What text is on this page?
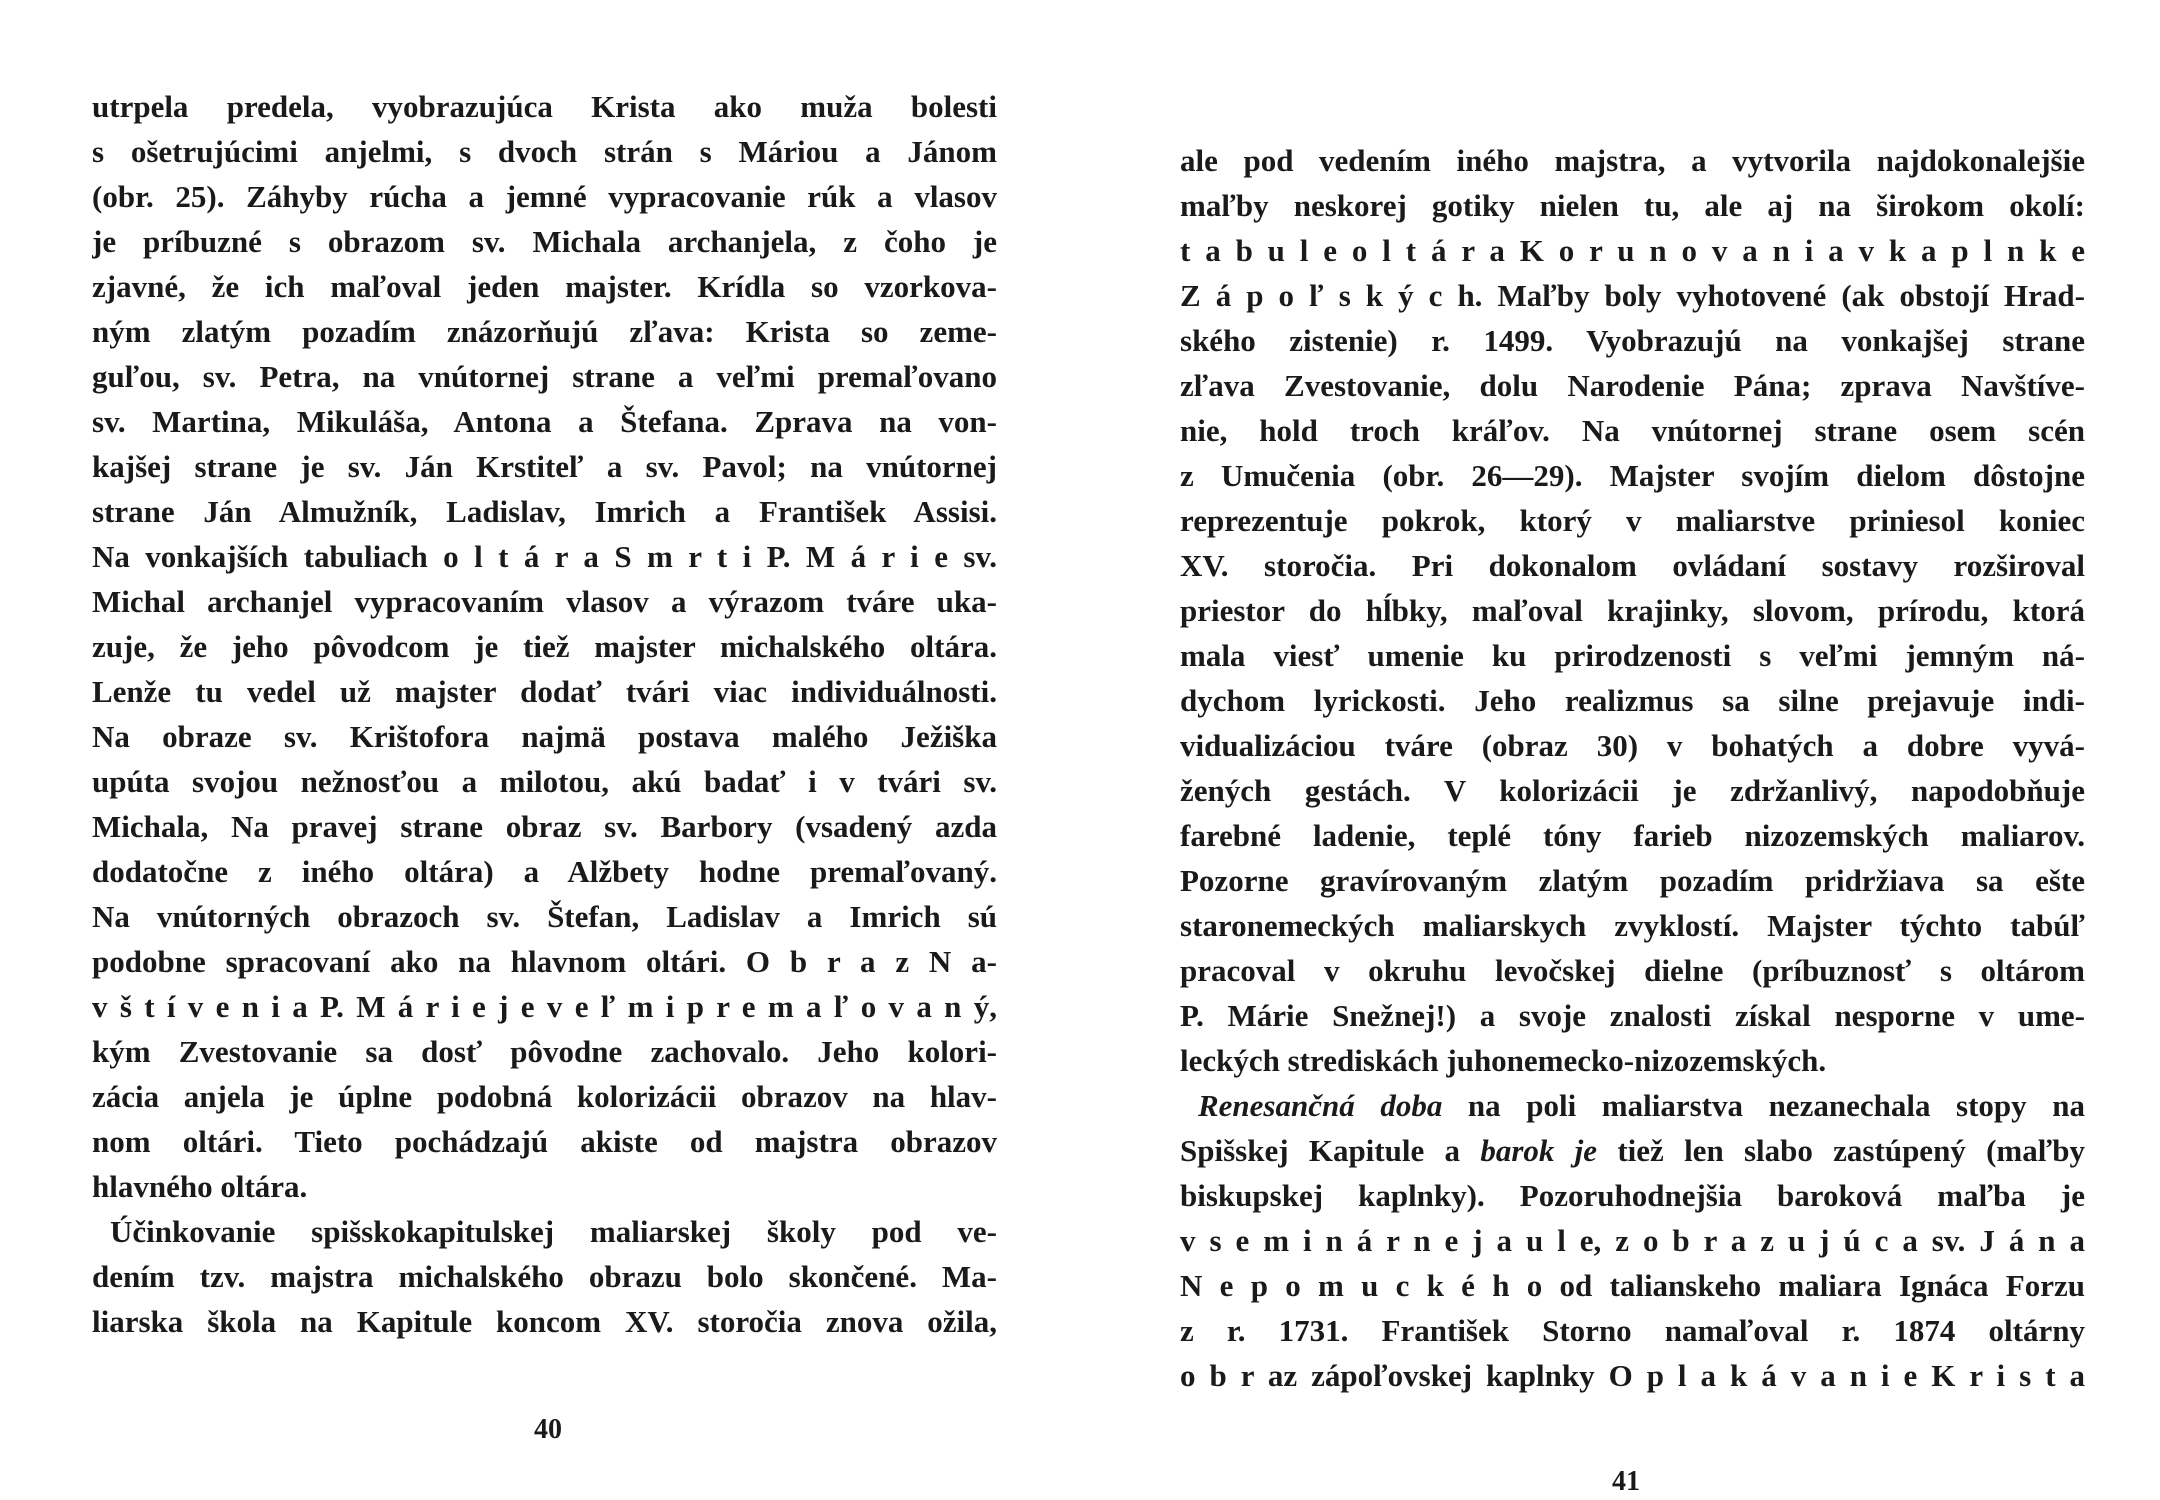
utrpela predela, vyobrazujúca Krista ako muža bolesti
s ošetrujúcimi anjelmi, s dvoch strán s Máriou a Jánom
(obr. 25). Záhyby rúcha a jemné vypracovanie rúk a vlasov
je príbuzné s obrazom sv. Michala archanjela, z čoho je
zjavné, že ich maľoval jeden majster. Krídla so vzorkova-
ným zlatým pozadím znázorňujú zľava: Krista so zeme-
guľou, sv. Petra, na vnútornej strane a veľmi premaľovano
sv. Martina, Mikuláša, Antona a Štefana. Zprava na von-
kajšej strane je sv. Ján Krstiteľ a sv. Pavol; na vnútornej
strane Ján Almužník, Ladislav, Imrich a František Assisi.
Na vonkajších tabuliach o l t á r a S m r t i P. M á r i e sv.
Michal archanjel vypracovaním vlasov a výrazom tváre uka-
zuje, že jeho pôvodcom je tiež majster michalského oltára.
Lenže tu vedel už majster dodať tvári viac individuálnosti.
Na obraze sv. Krištofora najmä postava malého Ježiška
upúta svojou nežnosťou a milotou, akú badať i v tvári sv.
Michala, Na pravej strane obraz sv. Barbory (vsadený azda
dodatočne z iného oltára) a Alžbety hodne premaľovaný.
Na vnútorných obrazoch sv. Štefan, Ladislav a Imrich sú
podobne spracovaní ako na hlavnom oltári. O b r a z N a-
v š t í v e n i a P. M á r i e j e v e ľ m i p r e m a ľ o v a n ý,
kým Zvestovanie sa dosť pôvodne zachovalo. Jeho kolori-
zácia anjela je úplne podobná kolorizácii obrazov na hlav-
nom oltári. Tieto pochádzajú akiste od majstra obrazov
hlavného oltára.
Účinkovanie spišskokapitulskej maliarskej školy pod ve-
dením tzv. majstra michalského obrazu bolo skončené. Ma-
liarska škola na Kapitule koncom XV. storočia znova ožila,
40
ale pod vedením iného majstra, a vytvorila najdokonalejšie
maľby neskorej gotiky nielen tu, ale aj na širokom okolí:
t a b u l e o l t á r a K o r u n o v a n i a v k a p l n k e
Z á p o ľ s k ý c h. Maľby boly vyhotovené (ak obstojí Hrad-
ského zistenie) r. 1499. Vyobrazujú na vonkajšej strane
zľava Zvestovanie, dolu Narodenie Pána; zprava Navštíve-
nie, hold troch kráľov. Na vnútornej strane osem scén
z Umučenia (obr. 26—29). Majster svojím dielom dôstojne
reprezentuje pokrok, ktorý v maliarstve priniesol koniec
XV. storočia. Pri dokonalom ovládaní sostavy rozširoval
priestor do hĺbky, maľoval krajinky, slovom, prírodu, ktorá
mala viesť umenie ku prirodzenosti s veľmi jemným ná-
dychom lyrickosti. Jeho realizmus sa silne prejavuje indi-
vidualizáciou tváre (obraz 30) v bohatých a dobre vyvá-
žených gestách. V kolorizácii je zdržanlivý, napodobňuje
farebné ladenie, teplé tóny farieb nizozemských maliarov.
Pozorne gravírovaným zlatým pozadím pridržiava sa ešte
staronemeckých maliarskych zvyklostí. Majster týchto tabúľ
pracoval v okruhu levočskej dielne (príbuznosť s oltárom
P. Márie Snežnej!) a svoje znalosti získal nesporne v ume-
leckých strediskách juhonemecko-nizozemských.
Renesančná doba na poli maliarstva nezanechala stopy na
Spišskej Kapitule a barok je tiež len slabo zastúpený (maľby
biskupskej kaplnky). Pozoruhodnejšia baroková maľba je
v s e m i n á r n e j a u l e, z o b r a z u j ú c a sv. J á n a
N e p o m u c k é h o od talianskeho maliara Ignáca Forzu
z r. 1731. František Storno namaľoval r. 1874 oltárny
o b r az zápoľovskej kaplnky O p l a k á v a n i e K r i s t a
41
